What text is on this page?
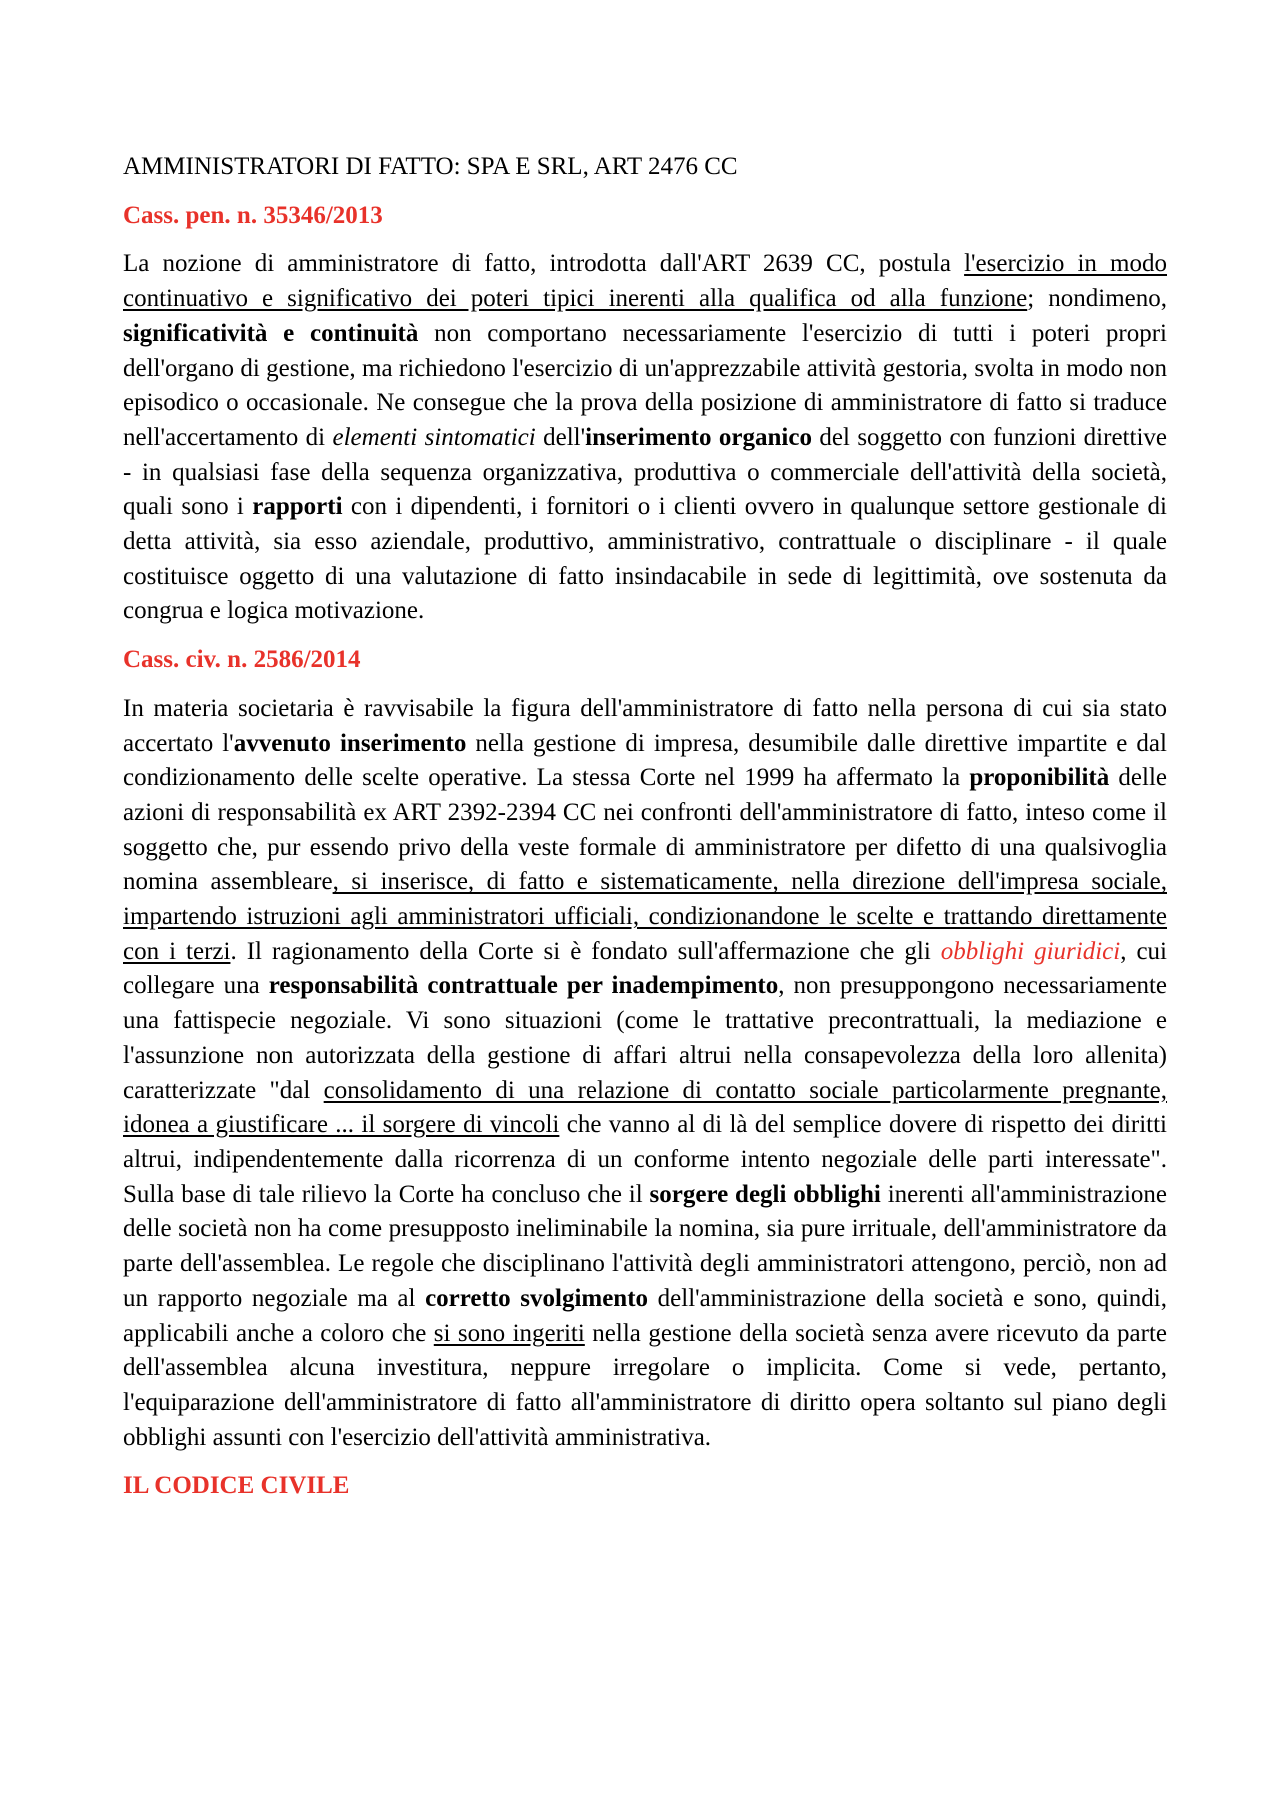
AMMINISTRATORI DI FATTO: SPA E SRL, ART 2476 CC

Cass. pen. n. 35346/2013

La nozione di amministratore di fatto, introdotta dall'ART 2639 CC, postula l'esercizio in modo continuativo e significativo dei poteri tipici inerenti alla qualifica od alla funzione; nondimeno, significatività e continuità non comportano necessariamente l'esercizio di tutti i poteri propri dell'organo di gestione, ma richiedono l'esercizio di un'apprezzabile attività gestoria, svolta in modo non episodico o occasionale. Ne consegue che la prova della posizione di amministratore di fatto si traduce nell'accertamento di elementi sintomatici dell'inserimento organico del soggetto con funzioni direttive - in qualsiasi fase della sequenza organizzativa, produttiva o commerciale dell'attività della società, quali sono i rapporti con i dipendenti, i fornitori o i clienti ovvero in qualunque settore gestionale di detta attività, sia esso aziendale, produttivo, amministrativo, contrattuale o disciplinare - il quale costituisce oggetto di una valutazione di fatto insindacabile in sede di legittimità, ove sostenuta da congrua e logica motivazione.

Cass. civ. n. 2586/2014

In materia societaria è ravvisabile la figura dell'amministratore di fatto nella persona di cui sia stato accertato l'avvenuto inserimento nella gestione di impresa, desumibile dalle direttive impartite e dal condizionamento delle scelte operative. La stessa Corte nel 1999 ha affermato la proponibilità delle azioni di responsabilità ex ART 2392-2394 CC nei confronti dell'amministratore di fatto, inteso come il soggetto che, pur essendo privo della veste formale di amministratore per difetto di una qualsivoglia nomina assembleare, si inserisce, di fatto e sistematicamente, nella direzione dell'impresa sociale, impartendo istruzioni agli amministratori ufficiali, condizionandone le scelte e trattando direttamente con i terzi. Il ragionamento della Corte si è fondato sull'affermazione che gli obblighi giuridici, cui collegare una responsabilità contrattuale per inadempimento, non presuppongono necessariamente una fattispecie negoziale. Vi sono situazioni (come le trattative precontrattuali, la mediazione e l'assunzione non autorizzata della gestione di affari altrui nella consapevolezza della loro allenita) caratterizzate "dal consolidamento di una relazione di contatto sociale particolarmente pregnante, idonea a giustificare ... il sorgere di vincoli che vanno al di là del semplice dovere di rispetto dei diritti altrui, indipendentemente dalla ricorrenza di un conforme intento negoziale delle parti interessate". Sulla base di tale rilievo la Corte ha concluso che il sorgere degli obblighi inerenti all'amministrazione delle società non ha come presupposto ineliminabile la nomina, sia pure irrituale, dell'amministratore da parte dell'assemblea. Le regole che disciplinano l'attività degli amministratori attengono, perciò, non ad un rapporto negoziale ma al corretto svolgimento dell'amministrazione della società e sono, quindi, applicabili anche a coloro che si sono ingeriti nella gestione della società senza avere ricevuto da parte dell'assemblea alcuna investitura, neppure irregolare o implicita. Come si vede, pertanto, l'equiparazione dell'amministratore di fatto all'amministratore di diritto opera soltanto sul piano degli obblighi assunti con l'esercizio dell'attività amministrativa.

IL CODICE CIVILE
